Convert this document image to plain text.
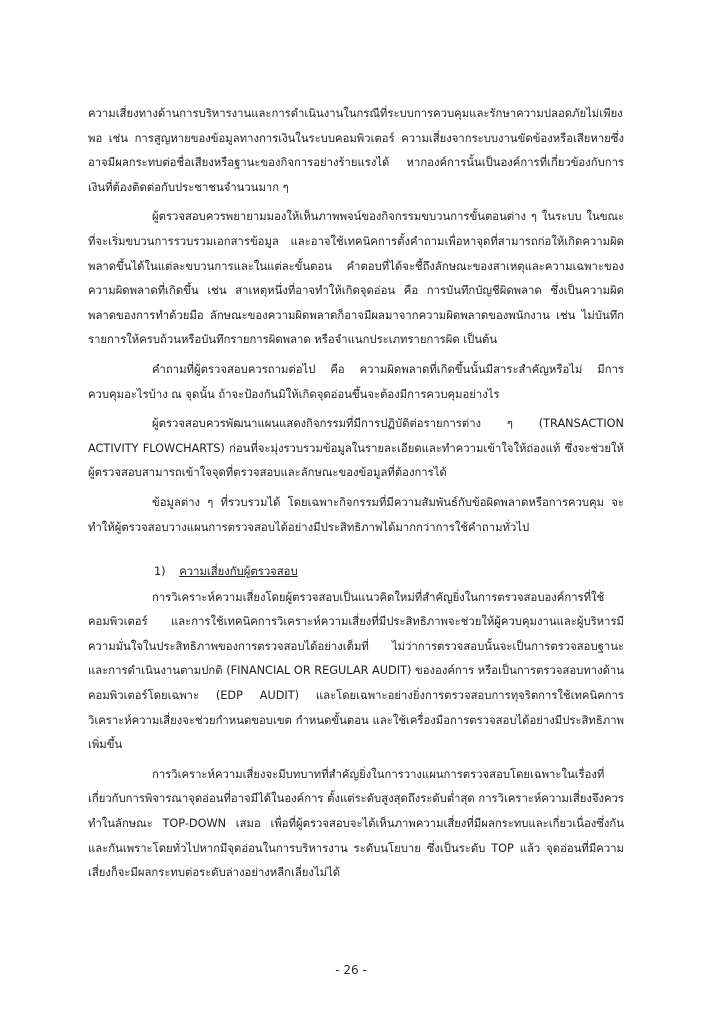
ความเสี่ยงทางด้านการบริหารงานและการดำเนินงานในกรณีที่ระบบการควบคุมและรักษาความปลอดภัยไม่เพียงพอ เช่น การสูญหายของข้อมูลทางการเงินในระบบคอมพิวเตอร์ ความเสี่ยงจากระบบงานขัดข้องหรือเสียหายซึ่งอาจมีผลกระทบต่อชื่อเสียงหรือฐานะของกิจการอย่างร้ายแรงได้ หากองค์การนั้นเป็นองค์การที่เกี่ยวข้องกับการเงินที่ต้องติดต่อกับประชาชนจำนวนมาก ๆ

ผู้ตรวจสอบควรพยายามมองให้เห็นภาพพจน์ของกิจกรรมขบวนการขั้นตอนต่าง ๆ ในระบบ ในขณะที่จะเริ่มขบวนการรวบรวมเอกสารข้อมูล และอาจใช้เทคนิคการตั้งคำถามเพื่อหาจุดที่สามารถก่อให้เกิดความผิดพลาดขึ้นได้ในแต่ละขบวนการและในแต่ละขั้นตอน คำตอบที่ได้จะชี้ถึงลักษณะของสาเหตุและความเฉพาะของความผิดพลาดที่เกิดขึ้น เช่น สาเหตุหนึ่งที่อาจทำให้เกิดจุดอ่อน คือ การบันทึกบัญชีผิดพลาด ซึ่งเป็นความผิดพลาดของการทำด้วยมือ ลักษณะของความผิดพลาดก็อาจมีผลมาจากความผิดพลาดของพนักงาน เช่น ไม่บันทึกรายการให้ครบถ้วนหรือบันทึกรายการผิดพลาด หรือจำแนกประเภทรายการผิด เป็นต้น

คำถามที่ผู้ตรวจสอบควรถามต่อไป คือ ความผิดพลาดที่เกิดขึ้นนั้นมีสาระสำคัญหรือไม่ มีการควบคุมอะไรบ้าง ณ จุดนั้น ถ้าจะป้องกันมิให้เกิดจุดอ่อนขึ้นจะต้องมีการควบคุมอย่างไร

ผู้ตรวจสอบควรพัฒนาแผนแสดงกิจกรรมที่มีการปฏิบัติต่อรายการต่าง ๆ (TRANSACTION ACTIVITY FLOWCHARTS) ก่อนที่จะมุ่งรวบรวมข้อมูลในรายละเอียดและทำความเข้าใจให้ถ่องแท้ ซึ่งจะช่วยให้ผู้ตรวจสอบสามารถเข้าใจจุดที่ตรวจสอบและลักษณะของข้อมูลที่ต้องการได้

ข้อมูลต่าง ๆ ที่รวบรวมได้ โดยเฉพาะกิจกรรมที่มีความสัมพันธ์กับข้อผิดพลาดหรือการควบคุม จะทำให้ผู้ตรวจสอบวางแผนการตรวจสอบได้อย่างมีประสิทธิภาพได้มากกว่าการใช้คำถามทั่วไป

1) ความเสี่ยงกับผู้ตรวจสอบ

การวิเคราะห์ความเสี่ยงโดยผู้ตรวจสอบเป็นแนวคิดใหม่ที่สำคัญยิ่งในการตรวจสอบองค์การที่ใช้คอมพิวเตอร์ และการใช้เทคนิคการวิเคราะห์ความเสี่ยงที่มีประสิทธิภาพจะช่วยให้ผู้ควบคุมงานและผู้บริหารมีความมั่นใจในประสิทธิภาพของการตรวจสอบได้อย่างเต็มที่ ไม่ว่าการตรวจสอบนั้นจะเป็นการตรวจสอบฐานะและการดำเนินงานตามปกติ (FINANCIAL OR REGULAR AUDIT) ขององค์การ หรือเป็นการตรวจสอบทางด้านคอมพิวเตอร์โดยเฉพาะ (EDP AUDIT) และโดยเฉพาะอย่างยิ่งการตรวจสอบการทุจริตการใช้เทคนิคการวิเคราะห์ความเสี่ยงจะช่วยกำหนดขอบเขต กำหนดขั้นตอน และใช้เครื่องมือการตรวจสอบได้อย่างมีประสิทธิภาพเพิ่มขึ้น

การวิเคราะห์ความเสี่ยงจะมีบทบาทที่สำคัญยิ่งในการวางแผนการตรวจสอบโดยเฉพาะในเรื่องที่เกี่ยวกับการพิจารณาจุดอ่อนที่อาจมีได้ในองค์การ ตั้งแต่ระดับสูงสุดถึงระดับต่ำสุด การวิเคราะห์ความเสี่ยงจึงควรทำในลักษณะ TOP-DOWN เสมอ เพื่อที่ผู้ตรวจสอบจะได้เห็นภาพความเสี่ยงที่มีผลกระทบและเกี่ยวเนื่องซึ่งกันและกันเพราะโดยทั่วไปหากมีจุดอ่อนในการบริหารงาน ระดับนโยบาย ซึ่งเป็นระดับ TOP แล้ว จุดอ่อนที่มีความเสี่ยงก็จะมีผลกระทบต่อระดับล่างอย่างหลีกเลี่ยงไม่ได้

- 26 -
